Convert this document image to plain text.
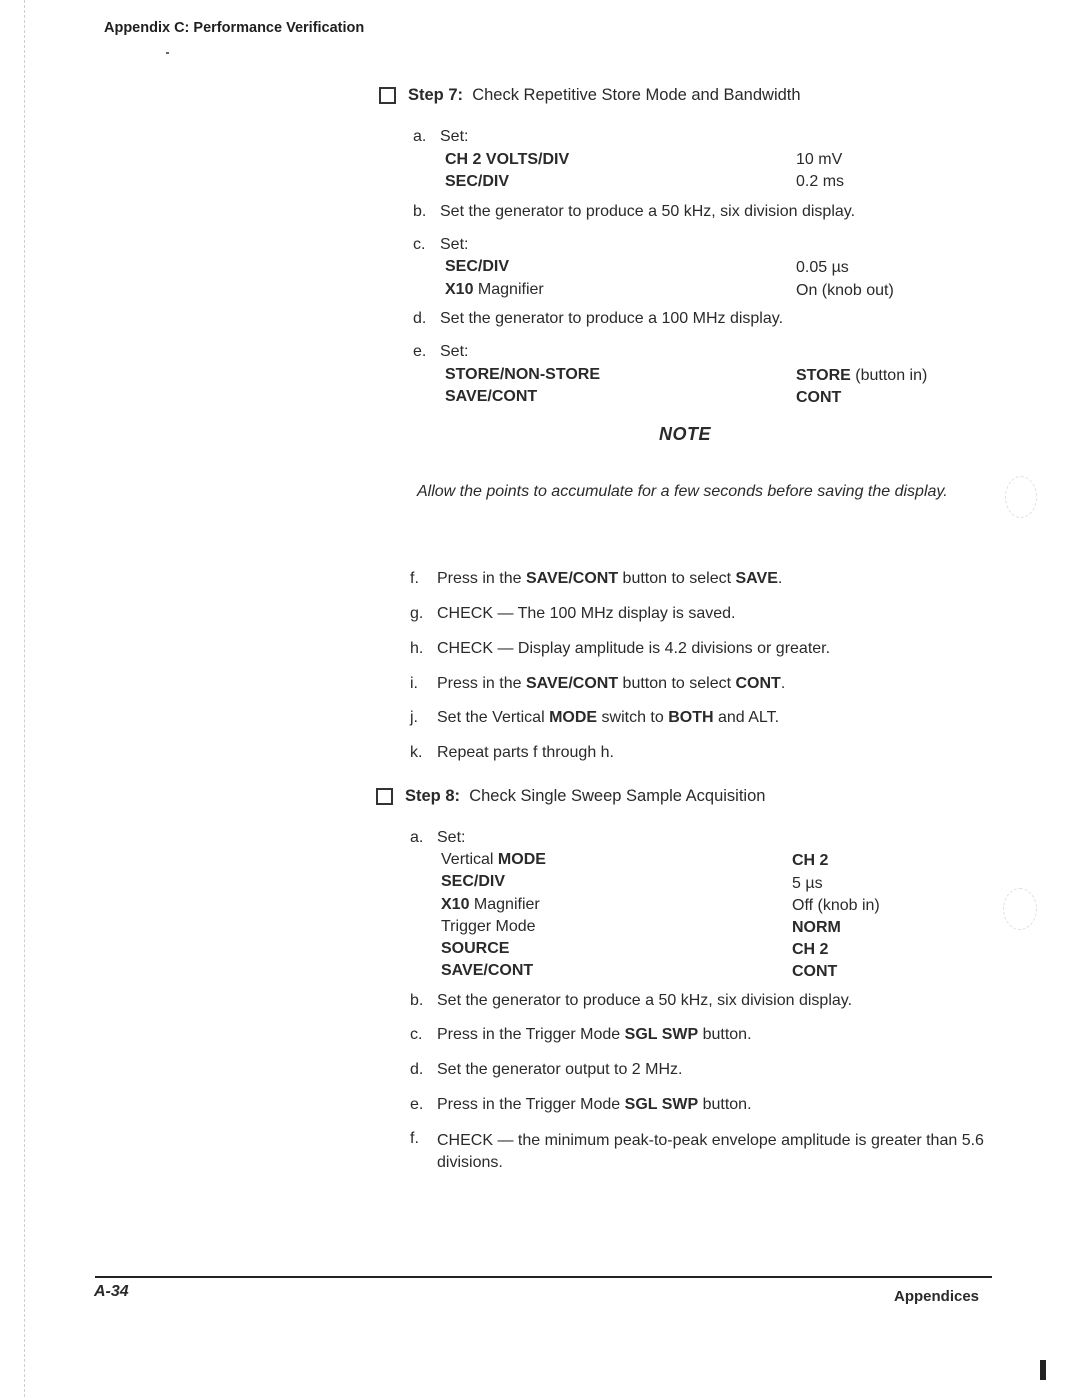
Appendix C: Performance Verification
Step 7: Check Repetitive Store Mode and Bandwidth
a. Set:
CH 2 VOLTS/DIV	10 mV
SEC/DIV	0.2 ms
b. Set the generator to produce a 50 kHz, six division display.
c. Set:
SEC/DIV	0.05 µs
X10 Magnifier	On (knob out)
d. Set the generator to produce a 100 MHz display.
e. Set:
STORE/NON-STORE	STORE (button in)
SAVE/CONT	CONT
NOTE
Allow the points to accumulate for a few seconds before saving the display.
f. Press in the SAVE/CONT button to select SAVE.
g. CHECK — The 100 MHz display is saved.
h. CHECK — Display amplitude is 4.2 divisions or greater.
i. Press in the SAVE/CONT button to select CONT.
j. Set the Vertical MODE switch to BOTH and ALT.
k. Repeat parts f through h.
Step 8: Check Single Sweep Sample Acquisition
a. Set:
Vertical MODE	CH 2
SEC/DIV	5 µs
X10 Magnifier	Off (knob in)
Trigger Mode	NORM
SOURCE	CH 2
SAVE/CONT	CONT
b. Set the generator to produce a 50 kHz, six division display.
c. Press in the Trigger Mode SGL SWP button.
d. Set the generator output to 2 MHz.
e. Press in the Trigger Mode SGL SWP button.
f.	CHECK — the minimum peak-to-peak envelope amplitude is greater than 5.6 divisions.
A-34	Appendices
